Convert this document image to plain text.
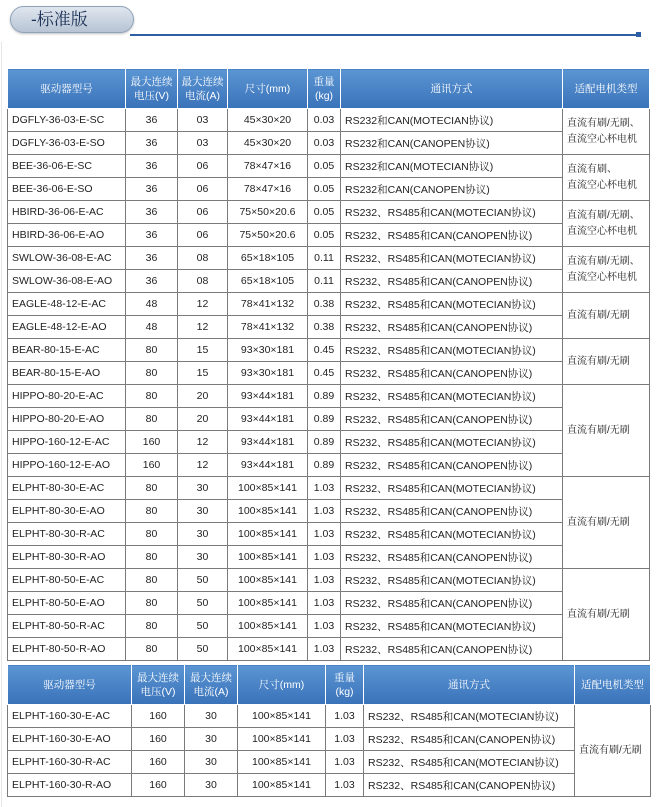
-标准版
驱动器型号	最大连续电压(V)	最大连续电流(A)	尺寸(mm)	重量(kg)	通讯方式	适配电机类型
DGFLY-36-03-E-SC	36	03	45×30×20	0.03	RS232和CAN(MOTECIAN协议)	直流有刷/无刷、
直流空心杯电机

DGFLY-36-03-E-SO	36	03	45×30×20	0.03	RS232和CAN(CANOPEN协议)	
BEE-36-06-E-SC	36	06	78×47×16	0.05	RS232和CAN(MOTECIAN协议)	直流有刷、
直流空心杯电机

BEE-36-06-E-SO	36	06	78×47×16	0.05	RS232和CAN(CANOPEN协议)	
HBIRD-36-06-E-AC	36	06	75×50×20.6	0.05	RS232、RS485和CAN(MOTECIAN协议)	直流有刷/无刷、
直流空心杯电机

HBIRD-36-06-E-AO	36	06	75×50×20.6	0.05	RS232、RS485和CAN(CANOPEN协议)	
SWLOW-36-08-E-AC	36	08	65×18×105	0.11	RS232、RS485和CAN(MOTECIAN协议)	直流有刷/无刷、
直流空心杯电机

SWLOW-36-08-E-AO	36	08	65×18×105	0.11	RS232、RS485和CAN(CANOPEN协议)	
EAGLE-48-12-E-AC	48	12	78×41×132	0.38	RS232、RS485和CAN(MOTECIAN协议)	直流有刷/无刷

EAGLE-48-12-E-AO	48	12	78×41×132	0.38	RS232、RS485和CAN(CANOPEN协议)	
BEAR-80-15-E-AC	80	15	93×30×181	0.45	RS232、RS485和CAN(MOTECIAN协议)	直流有刷/无刷

BEAR-80-15-E-AO	80	15	93×30×181	0.45	RS232、RS485和CAN(CANOPEN协议)	
HIPPO-80-20-E-AC	80	20	93×44×181	0.89	RS232、RS485和CAN(MOTECIAN协议)	直流有刷/无刷

HIPPO-80-20-E-AO	80	20	93×44×181	0.89	RS232、RS485和CAN(CANOPEN协议)	
HIPPO-160-12-E-AC	160	12	93×44×181	0.89	RS232、RS485和CAN(MOTECIAN协议)	
HIPPO-160-12-E-AO	160	12	93×44×181	0.89	RS232、RS485和CAN(CANOPEN协议)	
ELPHT-80-30-E-AC	80	30	100×85×141	1.03	RS232、RS485和CAN(MOTECIAN协议)	直流有刷/无刷

ELPHT-80-30-E-AO	80	30	100×85×141	1.03	RS232、RS485和CAN(CANOPEN协议)	
ELPHT-80-30-R-AC	80	30	100×85×141	1.03	RS232、RS485和CAN(MOTECIAN协议)	
ELPHT-80-30-R-AO	80	30	100×85×141	1.03	RS232、RS485和CAN(CANOPEN协议)	
ELPHT-80-50-E-AC	80	50	100×85×141	1.03	RS232、RS485和CAN(MOTECIAN协议)	直流有刷/无刷

ELPHT-80-50-E-AO	80	50	100×85×141	1.03	RS232、RS485和CAN(CANOPEN协议)	
ELPHT-80-50-R-AC	80	50	100×85×141	1.03	RS232、RS485和CAN(MOTECIAN协议)	
ELPHT-80-50-R-AO	80	50	100×85×141	1.03	RS232、RS485和CAN(CANOPEN协议)	
驱动器型号	最大连续电压(V)	最大连续电流(A)	尺寸(mm)	重量(kg)	通讯方式	适配电机类型
ELPHT-160-30-E-AC	160	30	100×85×141	1.03	RS232、RS485和CAN(MOTECIAN协议)	直流有刷/无刷

ELPHT-160-30-E-AO	160	30	100×85×141	1.03	RS232、RS485和CAN(CANOPEN协议)	
ELPHT-160-30-R-AC	160	30	100×85×141	1.03	RS232、RS485和CAN(MOTECIAN协议)	
ELPHT-160-30-R-AO	160	30	100×85×141	1.03	RS232、RS485和CAN(CANOPEN协议)	
